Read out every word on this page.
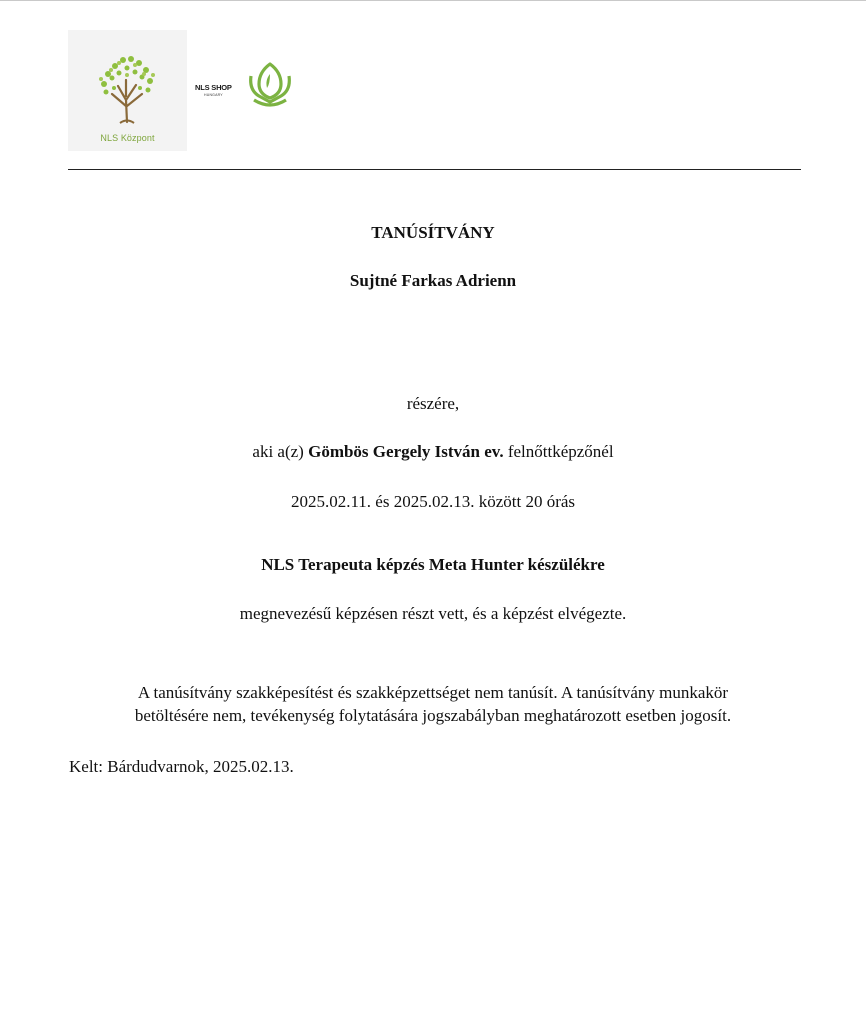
NLS Központ
NLS SHOP
HUNGARY
TANÚSÍTVÁNY
Sujtné Farkas Adrienn
részére,
aki a(z) Gömbös Gergely István ev. felnőttképzőnél
2025.02.11. és 2025.02.13. között 20 órás
NLS Terapeuta képzés Meta Hunter készülékre
megnevezésű képzésen részt vett, és a képzést elvégezte.
A tanúsítvány szakképesítést és szakképzettséget nem tanúsít. A tanúsítvány munkakör
betöltésére nem, tevékenység folytatására jogszabályban meghatározott esetben jogosít.
Kelt: Bárdudvarnok, 2025.02.13.
